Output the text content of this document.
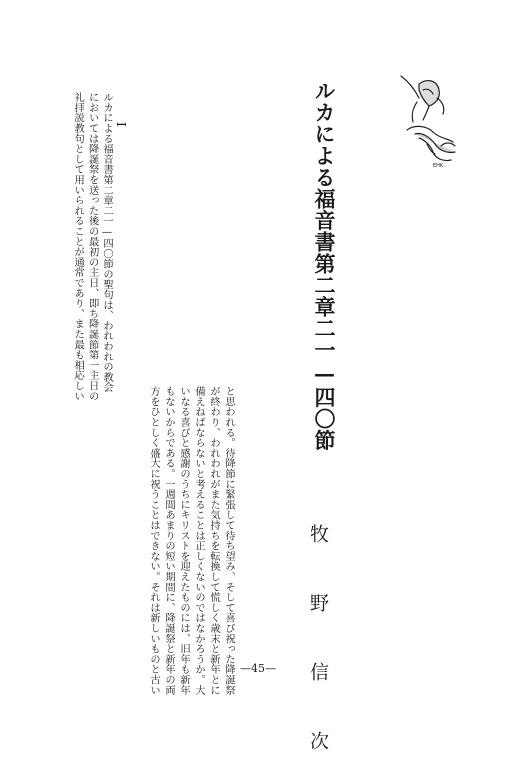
ルカによる福音書第二章二一—四〇節
牧 野 信 次
I
ルカによる福音書第二章二一—四〇節の聖句は、われわれの教会
においては降誕祭を送った後の最初の主日、即ち降誕節第一主日の
礼拝説教句として用いられることが通常であり、また最も相応しい
と思われる。待降節に緊張して待ち望み、そして喜び祝った降誕祭
が終わり、われわれがまた気持ちを転換して慌しく歳末と新年とに
備えねばならないと考えることは正しくないのではなかろうか。大
いなる喜びと感謝のうちにキリストを迎えたものには、旧年も新年
もないからである。一週間あまりの短い期間に、降誕祭と新年の両
方をひとしく盛大に祝うことはできない。それは新しいものと古い

EHK.

—45—
